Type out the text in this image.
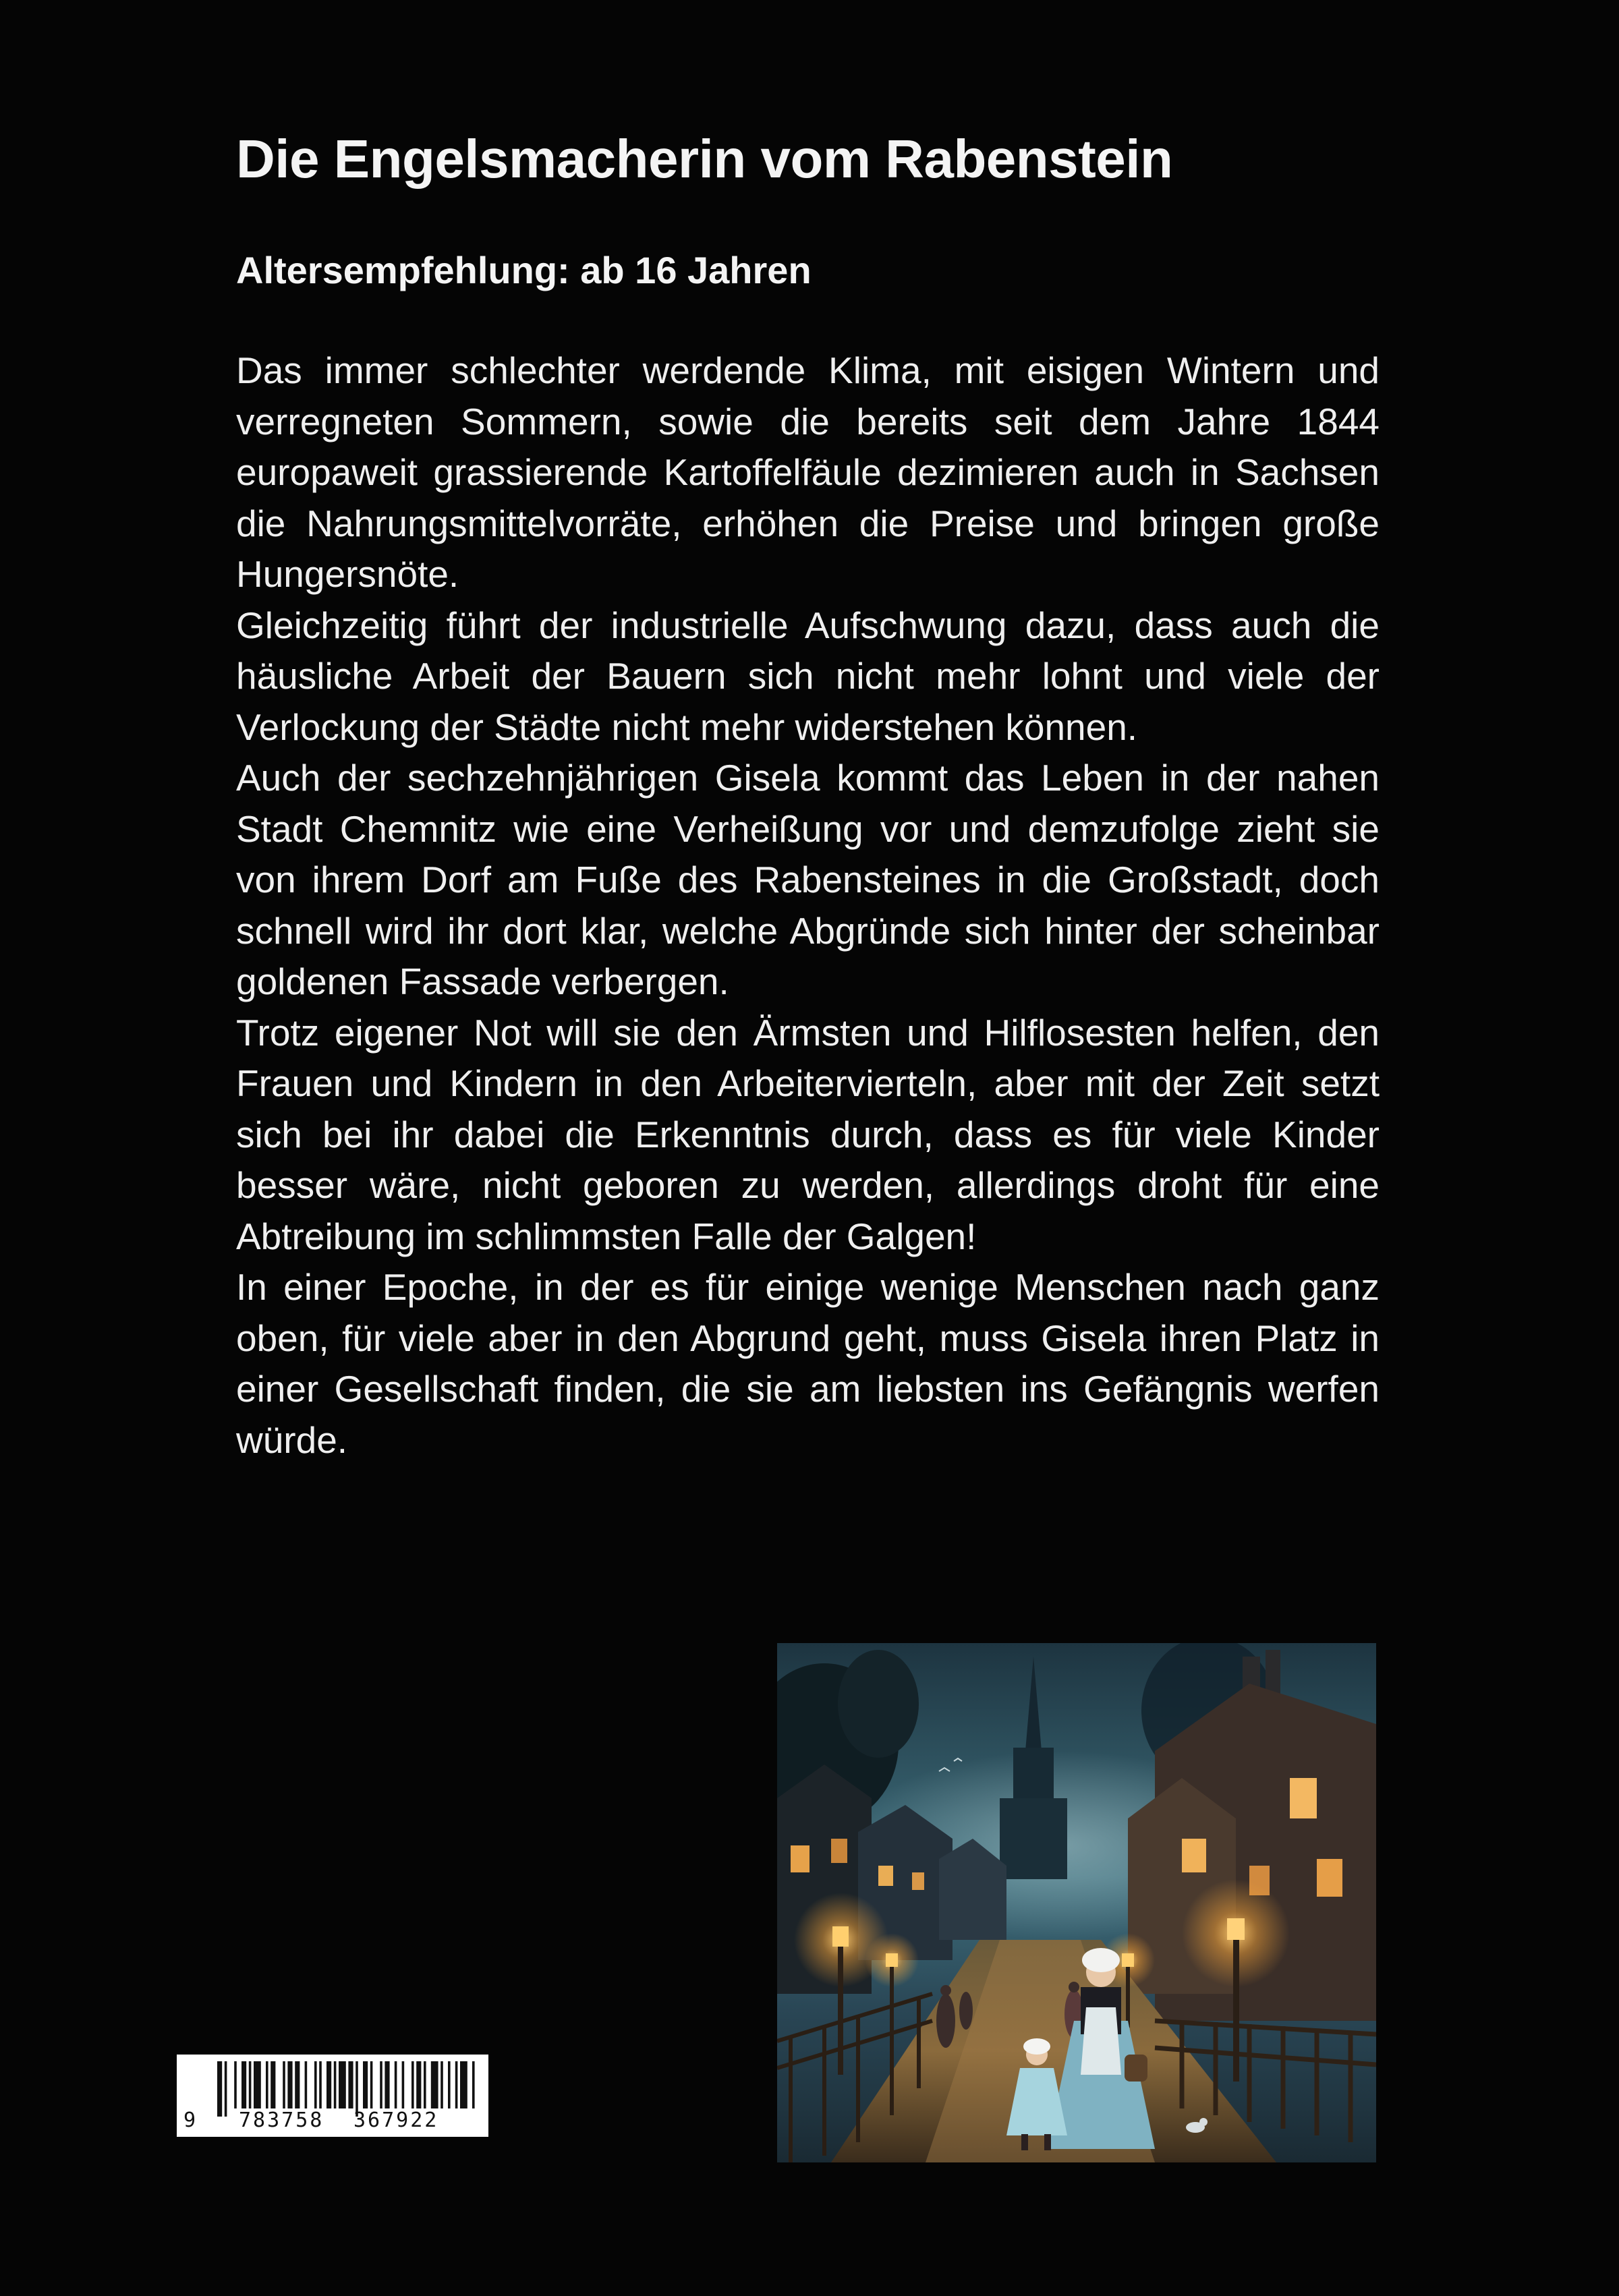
Die Engelsmacherin vom Rabenstein
Altersempfehlung: ab 16 Jahren

Das immer schlechter werdende Klima, mit eisigen Wintern und verregneten Sommern, sowie die bereits seit dem Jahre 1844 europaweit grassierende Kartoffelfäule dezimieren auch in Sachsen die Nahrungsmittelvorräte, erhöhen die Preise und bringen große Hungersnöte.

Gleichzeitig führt der industrielle Aufschwung dazu, dass auch die häusliche Arbeit der Bauern sich nicht mehr lohnt und viele der Verlockung der Städte nicht mehr widerstehen können.

Auch der sechzehnjährigen Gisela kommt das Leben in der nahen Stadt Chemnitz wie eine Verheißung vor und demzufolge zieht sie von ihrem Dorf am Fuße des Rabensteines in die Großstadt, doch schnell wird ihr dort klar, welche Abgründe sich hinter der scheinbar goldenen Fassade verbergen.

Trotz eigener Not will sie den Ärmsten und Hilflosesten helfen, den Frauen und Kindern in den Arbeitervierteln, aber mit der Zeit setzt sich bei ihr dabei die Erkenntnis durch, dass es für viele Kinder besser wäre, nicht geboren zu werden, allerdings droht für eine Abtreibung im schlimmsten Falle der Galgen!

In einer Epoche, in der es für einige wenige Menschen nach ganz oben, für viele aber in den Abgrund geht, muss Gisela ihren Platz in einer Gesellschaft finden, die sie am liebsten ins Gefängnis werfen würde.

9 783758 367922
